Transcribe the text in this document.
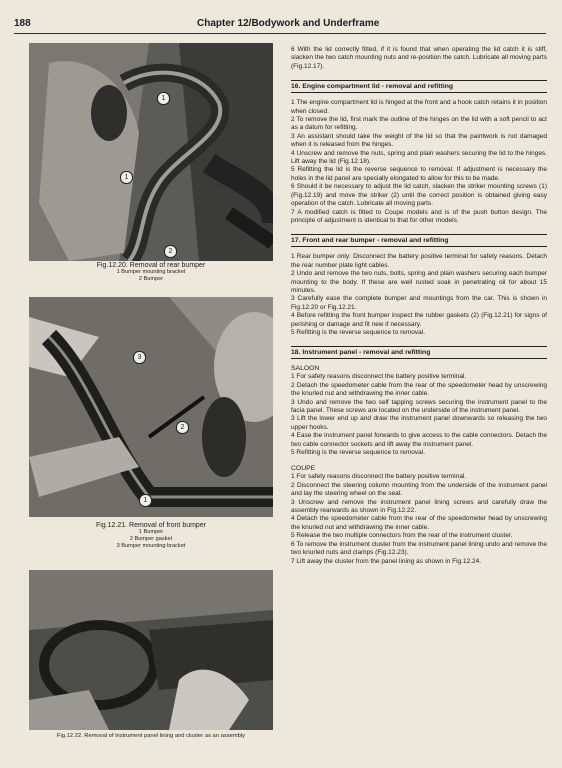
188	Chapter 12/Bodywork and Underframe
1
1
2
Fig.12.20. Removal of rear bumper
1 Bumper mounting bracket
2 Bumper
3
2
1
Fig.12.21. Removal of front bumper
1 Bumper
2 Bumper gasket
3 Bumper mounting bracket
Fig.12.22. Removal of instrument panel lining and cluster as an assembly

6 With the lid correctly fitted, if it is found that when operating the lid catch it is stiff, slacken the two catch mounting nuts and re-position the catch. Lubricate all moving parts (Fig.12.17).

16. Engine compartment lid - removal and refitting

1 The engine compartment lid is hinged at the front and a hook catch retains it in position when closed.

2 To remove the lid, first mark the outline of the hinges on the lid with a soft pencil to act as a datum for refitting.

3 An assistant should take the weight of the lid so that the paintwork is not damaged when it is released from the hinges.

4 Unscrew and remove the nuts, spring and plain washers securing the lid to the hinges. Lift away the lid (Fig.12.18).

5 Refitting the lid is the reverse sequence to removal. If adjustment is necessary the holes in the lid panel are specially elongated to allow for this to be made.

6 Should it be necessary to adjust the lid catch, slacken the striker mounting screws (1) (Fig.12.19) and move the striker (2) until the correct position is obtained giving easy operation of the catch. Lubricate all moving parts.

7 A modified catch is fitted to Coupe models and is of the push button design. The principle of adjustment is identical to that for other models.

17. Front and rear bumper - removal and refitting

1 Rear bumper only: Disconnect the battery positive terminal for safety reasons. Detach the rear number plate light cables.

2 Undo and remove the two nuts, bolts, spring and plain washers securing each bumper mounting to the body. If these are well rusted soak in penetrating oil for about 15 minutes.

3 Carefully ease the complete bumper and mountings from the car. This is shown in Fig.12.20 or Fig.12.21.

4 Before refitting the front bumper inspect the rubber gaskets (2) (Fig.12.21) for signs of perishing or damage and fit new if necessary.

5 Refitting is the reverse sequence to removal.

18. Instrument panel - removal and refitting
SALOON

1 For safety reasons disconnect the battery positive terminal.

2 Detach the speedometer cable from the rear of the speedometer head by unscrewing the knurled nut and withdrawing the inner cable.

3 Undo and remove the two self tapping screws securing the instrument panel to the facia panel. These screws are located on the underside of the instrument panel.

3 Lift the lower end up and draw the instrument panel downwards so releasing the two upper hooks.

4 Ease the instrument panel forwards to give access to the cable connectors. Detach the two cable connector sockets and lift away the instrument panel.

5 Refitting is the reverse sequence to removal.

COUPE

1 For safety reasons disconnect the battery positive terminal.

2 Disconnect the steering column mounting from the underside of the instrument panel and lay the steering wheel on the seat.

3 Unscrew and remove the instrument panel lining screws and carefully draw the assembly rearwards as shown in Fig.12.22.

4 Detach the speedometer cable from the rear of the speedometer head by unscrewing the knurled nut and withdrawing the inner cable.

5 Release the two multiple connectors from the rear of the instrument cluster.

6 To remove the instrument cluster from the instrument panel lining undo and remove the two knurled nuts and clamps (Fig.12.23).

7 Lift away the cluster from the panel lining as shown in Fig.12.24.
